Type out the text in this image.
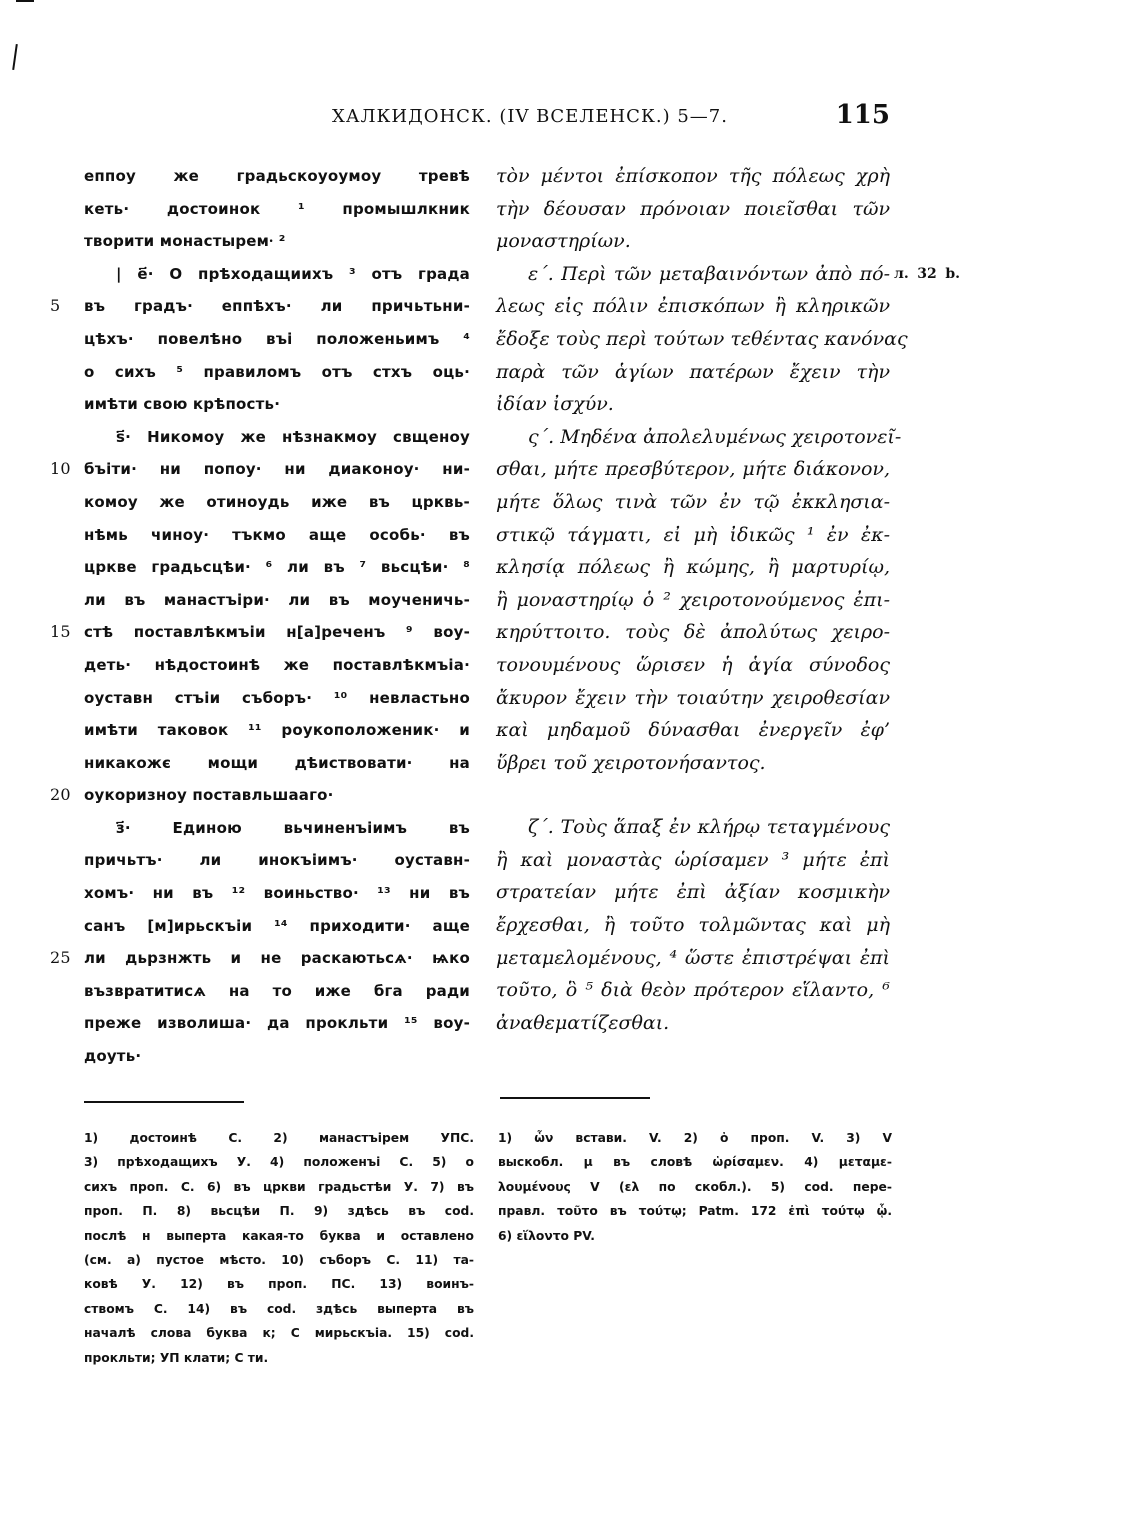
ХАЛКИДОНСК. (IV ВСЕЛЕНСК.) 5—7.	115
еппоу же градьскоуоумоу тревѣ
кеть· достоинок ¹ промышлкник
творити монастырем⸱ ²
| е҃· О прѣходащиихъ ³ отъ града
въ градъ· еппѣхъ· ли причьтьни-
5
цѣхъ· повелѣно въі положеньимъ ⁴
о сихъ ⁵ правиломъ отъ стхъ оць·
имѣти свою крѣпость·
ѕ҃· Никомоу же нѣзнакмоу свщеноу
бъіти· ни попоу· ни диаконоу· ни-
10
комоу же отиноудь иже въ црквь-
нѣмь чиноу· тъкмо аще особь· въ
црквe градьсцѣи· ⁶ ли въ ⁷ вьсцѣи· ⁸
ли въ манастъіри· ли въ моученичь-
стѣ поставлѣкмъіи н[а]реченъ ⁹ воу-
15
деть· нѣдостоинѣ же поставлѣкмъіа·
оуставн стъіи съборъ· ¹⁰ невластьно
имѣти таковок ¹¹ роукоположеник· и
никакожє мощи дѣиствовати· на
оукоризноу поставльшааго·
20
з҃· Единою вьчиненъіимъ въ
причьтъ· ли инокъіимъ· оуставн-
хомъ· ни въ ¹² воиньство· ¹³ ни въ
санъ [м]ирьскъіи ¹⁴ приходити· аще
ли дьрзнжть и не раскаютьсѧ· ѩко
25
възвратитисѧ на то иже бга ради
преже изволиша· да прокльти ¹⁵ воу-
доуть·
τὸν μέντοι ἐπίσκοπον τῆς πόλεως χρὴ
τὴν δέουσαν πρόνοιαν ποιεῖσθαι τῶν
μοναστηρίων.
ε΄. Περὶ τῶν μεταβαινόντων ἀπὸ πό- л. 32 b.
λεως εἰς πόλιν ἐπισκόπων ἢ κληρικῶν
ἔδοξε τοὺς περὶ τούτων τεθέντας κανόνας
παρὰ τῶν ἁγίων πατέρων ἔχειν τὴν
ἰδίαν ἰσχύν.
ς΄. Μηδένα ἀπολελυμένως χειροτονεῖ-
σθαι, μήτε πρεσβύτερον, μήτε διάκονον,
μήτε ὅλως τινὰ τῶν ἐν τῷ ἐκκλησια-
στικῷ τάγματι, εἰ μὴ ἰδικῶς ¹ ἐν ἐκ-
κλησίᾳ πόλεως ἢ κώμης, ἢ μαρτυρίῳ,
ἢ μοναστηρίῳ ὁ ² χειροτονούμενος ἐπι-
κηρύττοιτο. τοὺς δὲ ἀπολύτως χειρο-
τονουμένους ὥρισεν ἡ ἁγία σύνοδος
ἄκυρον ἔχειν τὴν τοιαύτην χειροθεσίαν
καὶ μηδαμοῦ δύνασθαι ἐνεργεῖν ἐφ’
ὕβρει τοῦ χειροτονήσαντος.
ζ΄. Τοὺς ἅπαξ ἐν κλήρῳ τεταγμένους
ἢ καὶ μοναστὰς ὡρίσαμεν ³ μήτε ἐπὶ
στρατείαν μήτε ἐπὶ ἀξίαν κοσμικὴν
ἔρχεσθαι, ἢ τοῦτο τολμῶντας καὶ μὴ
μεταμελομένους, ⁴ ὥστε ἐπιστρέψαι ἐπὶ
τοῦτο, ὃ ⁵ διὰ θεὸν πρότερον εἵλαντο, ⁶
ἀναθεματίζεσθαι.
1) достоинѣ С. 2) манастъірем УПС.
3) прѣходащихъ У. 4) положенъі С. 5) о
сихъ проп. С. 6) въ цркви градьстѣи У. 7) въ
проп. П. 8) вьсцѣи П. 9) здѣсь въ cod.
послѣ н выперта какая-то буква и оставлено
(см. а) пустое мѣсто. 10) съборъ С. 11) та-
ковѣ У. 12) въ проп. ПС. 13) воинъ-
ствомъ С. 14) въ cod. здѣсь выперта въ
началѣ слова буква к; С мирьскъіа. 15) cod.
прокльти; УП клати; С ти.
1) ὧν встави. V. 2) ὁ проп. V. 3) V
выскобл. μ въ словѣ ὡρίσαμεν. 4) μεταμε-
λουμένους V (ελ по скобл.). 5) cod. пере-
правл. τοῦτο въ τούτῳ; Patm. 172 ἐπὶ τούτῳ ᾧ.
6) εἵλοντο PV.
